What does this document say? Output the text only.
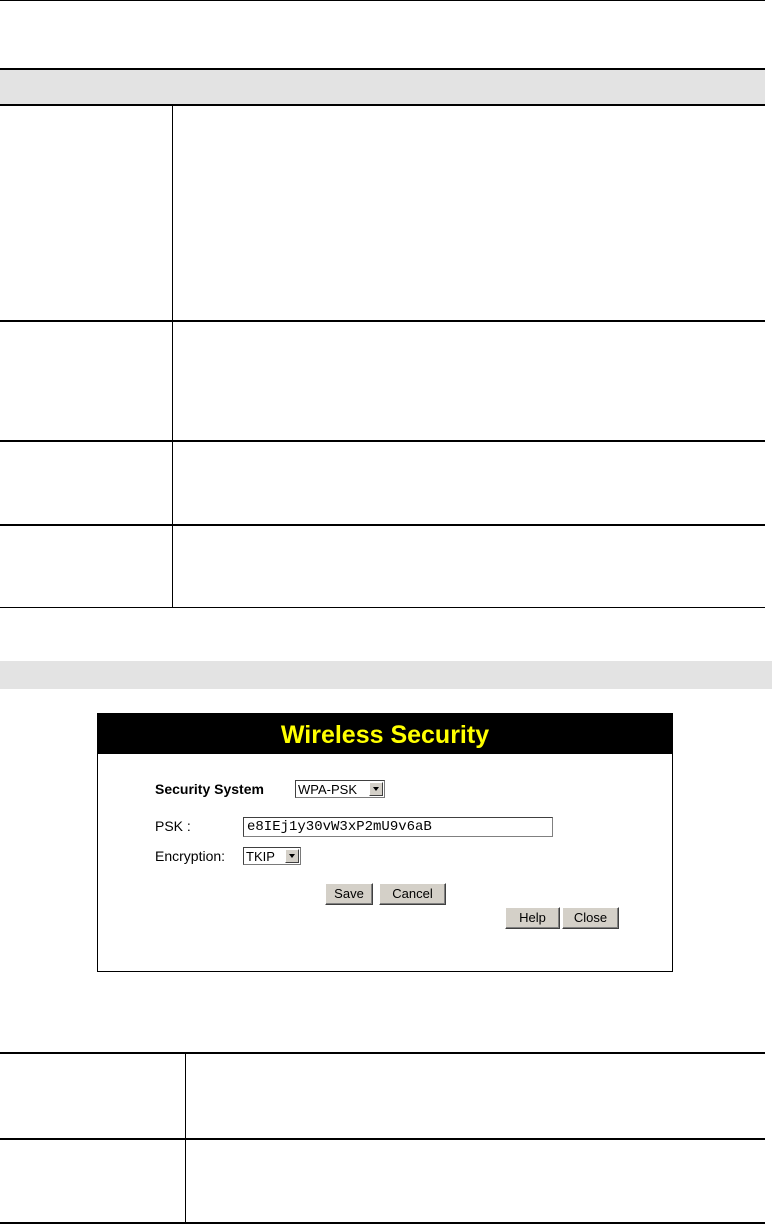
Wireless Security
Security System	WPA-PSK
PSK :	e8IEj1y30vW3xP2mU9v6aB
Encryption: TKIP
Save	Cancel
Help	Close
